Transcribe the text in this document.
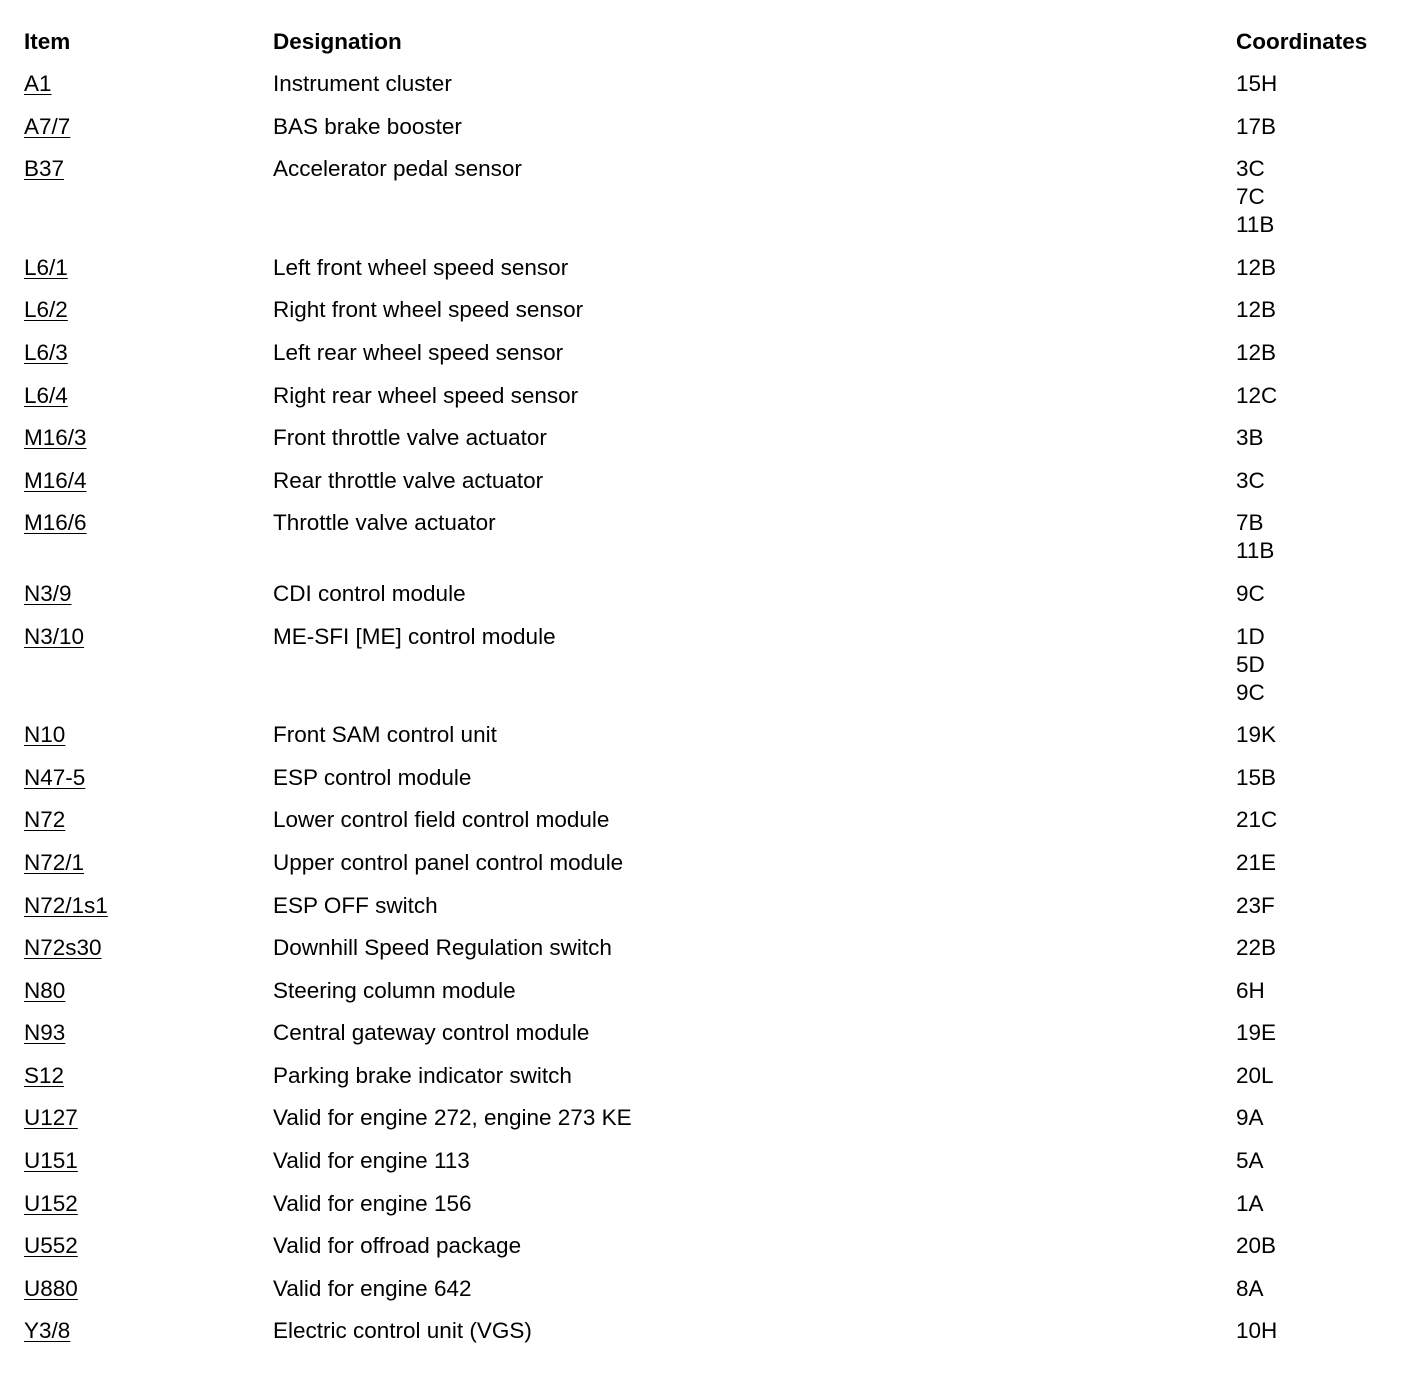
Item	Designation	Coordinates
A1	Instrument cluster	15H

A7/7	BAS brake booster	17B

B37	Accelerator pedal sensor	3C
7C
11B

L6/1	Left front wheel speed sensor	12B

L6/2	Right front wheel speed sensor	12B

L6/3	Left rear wheel speed sensor	12B

L6/4	Right rear wheel speed sensor	12C

M16/3	Front throttle valve actuator	3B

M16/4	Rear throttle valve actuator	3C

M16/6	Throttle valve actuator	7B
11B

N3/9	CDI control module	9C

N3/10	ME-SFI [ME] control module	1D
5D
9C

N10	Front SAM control unit	19K

N47-5	ESP control module	15B

N72	Lower control field control module	21C

N72/1	Upper control panel control module	21E

N72/1s1	ESP OFF switch	23F

N72s30	Downhill Speed Regulation switch	22B

N80	Steering column module	6H

N93	Central gateway control module	19E

S12	Parking brake indicator switch	20L

U127	Valid for engine 272, engine 273 KE	9A

U151	Valid for engine 113	5A

U152	Valid for engine 156	1A

U552	Valid for offroad package	20B

U880	Valid for engine 642	8A

Y3/8	Electric control unit (VGS)	10H
